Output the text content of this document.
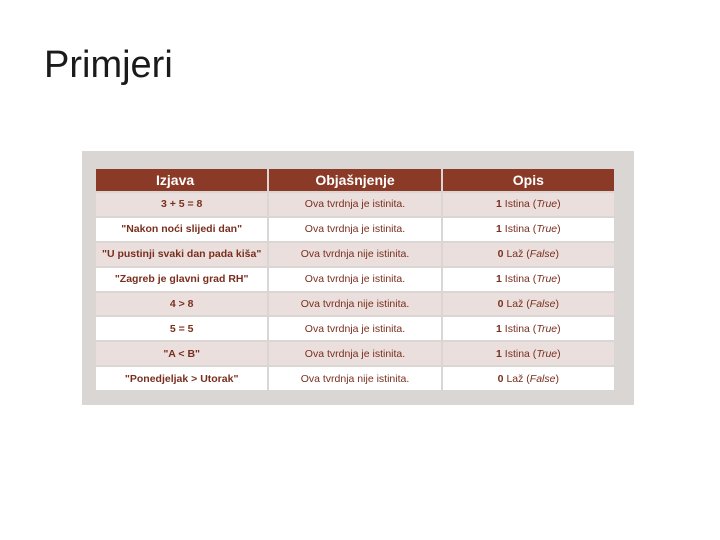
Primjeri
Izjava	Objašnjenje	Opis
3 + 5 = 8	Ova tvrdnja je istinita.	1 Istina (True)
"Nakon noći slijedi dan"	Ova tvrdnja je istinita.	1 Istina (True)
"U pustinji svaki dan pada kiša"	Ova tvrdnja nije istinita.	0 Laž (False)
"Zagreb je glavni grad RH"	Ova tvrdnja je istinita.	1 Istina (True)
4 > 8	Ova tvrdnja nije istinita.	0 Laž (False)
5 = 5	Ova tvrdnja je istinita.	1 Istina (True)
"A < B"	Ova tvrdnja je istinita.	1 Istina (True)
"Ponedjeljak > Utorak"	Ova tvrdnja nije istinita.	0 Laž (False)
